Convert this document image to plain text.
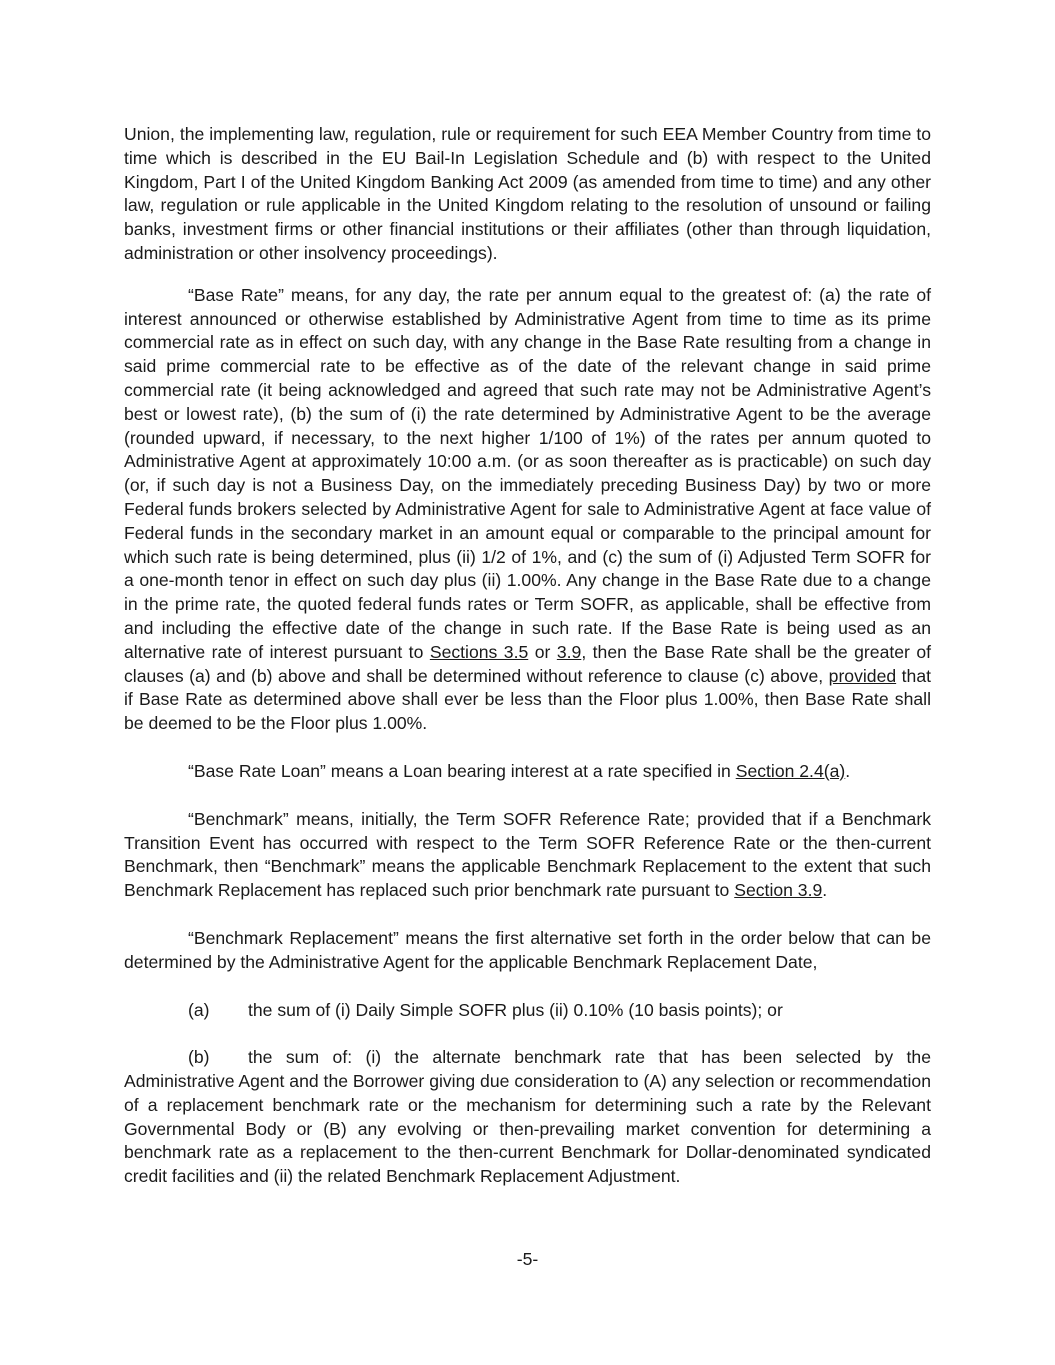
Union, the implementing law, regulation, rule or requirement for such EEA Member Country from time to time which is described in the EU Bail-In Legislation Schedule and (b) with respect to the United Kingdom, Part I of the United Kingdom Banking Act 2009 (as amended from time to time) and any other law, regulation or rule applicable in the United Kingdom relating to the resolution of unsound or failing banks, investment firms or other financial institutions or their affiliates (other than through liquidation, administration or other insolvency proceedings).

“Base Rate” means, for any day, the rate per annum equal to the greatest of: (a) the rate of interest announced or otherwise established by Administrative Agent from time to time as its prime commercial rate as in effect on such day, with any change in the Base Rate resulting from a change in said prime commercial rate to be effective as of the date of the relevant change in said prime commercial rate (it being acknowledged and agreed that such rate may not be Administrative Agent’s best or lowest rate), (b) the sum of (i) the rate determined by Administrative Agent to be the average (rounded upward, if necessary, to the next higher 1/100 of 1%) of the rates per annum quoted to Administrative Agent at approximately 10:00 a.m. (or as soon thereafter as is practicable) on such day (or, if such day is not a Business Day, on the immediately preceding Business Day) by two or more Federal funds brokers selected by Administrative Agent for sale to Administrative Agent at face value of Federal funds in the secondary market in an amount equal or comparable to the principal amount for which such rate is being determined, plus (ii) 1/2 of 1%, and (c) the sum of (i) Adjusted Term SOFR for a one-month tenor in effect on such day plus (ii) 1.00%. Any change in the Base Rate due to a change in the prime rate, the quoted federal funds rates or Term SOFR, as applicable, shall be effective from and including the effective date of the change in such rate. If the Base Rate is being used as an alternative rate of interest pursuant to Sections 3.5 or 3.9, then the Base Rate shall be the greater of clauses (a) and (b) above and shall be determined without reference to clause (c) above, provided that if Base Rate as determined above shall ever be less than the Floor plus 1.00%, then Base Rate shall be deemed to be the Floor plus 1.00%.

“Base Rate Loan” means a Loan bearing interest at a rate specified in Section 2.4(a).

“Benchmark” means, initially, the Term SOFR Reference Rate; provided that if a Benchmark Transition Event has occurred with respect to the Term SOFR Reference Rate or the then-current Benchmark, then “Benchmark” means the applicable Benchmark Replacement to the extent that such Benchmark Replacement has replaced such prior benchmark rate pursuant to Section 3.9.

“Benchmark Replacement” means the first alternative set forth in the order below that can be determined by the Administrative Agent for the applicable Benchmark Replacement Date,

(a)	the sum of (i) Daily Simple SOFR plus (ii) 0.10% (10 basis points); or

(b) the sum of: (i) the alternate benchmark rate that has been selected by the Administrative Agent and the Borrower giving due consideration to (A) any selection or recommendation of a replacement benchmark rate or the mechanism for determining such a rate by the Relevant Governmental Body or (B) any evolving or then-prevailing market convention for determining a benchmark rate as a replacement to the then-current Benchmark for Dollar-denominated syndicated credit facilities and (ii) the related Benchmark Replacement Adjustment.

-5-
